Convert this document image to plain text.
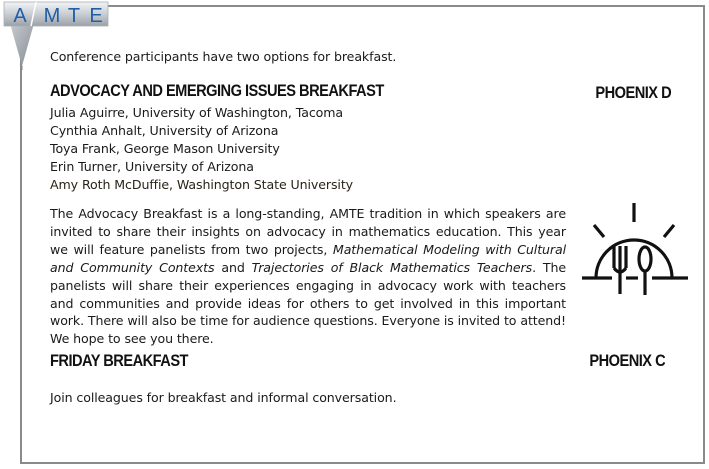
A M T E
Conference participants have two options for breakfast.
ADVOCACY AND EMERGING ISSUES BREAKFAST	PHOENIX D
Julia Aguirre, University of Washington, Tacoma
Cynthia Anhalt, University of Arizona
Toya Frank, George Mason University
Erin Turner, University of Arizona
Amy Roth McDuffie, Washington State University
The Advocacy Breakfast is a long-standing, AMTE tradition in which speakers are invited to share their insights on advocacy in mathematics education. This year we will feature panelists from two projects, Mathematical Modeling with Cultural and Community Contexts and Trajectories of Black Mathematics Teachers. The panelists will share their experiences engaging in advocacy work with teachers and communities and provide ideas for others to get involved in this important work. There will also be time for audience questions. Everyone is invited to attend! We hope to see you there.
FRIDAY BREAKFAST	PHOENIX C
Join colleagues for breakfast and informal conversation.
